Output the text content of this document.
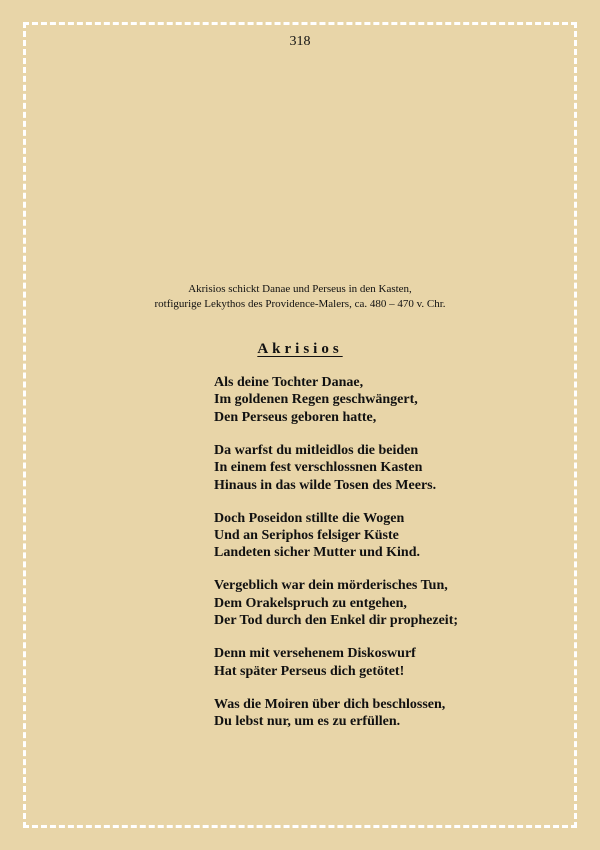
318
Akrisios schickt Danae und Perseus in den Kasten,
rotfigurige Lekythos des Providence-Malers, ca. 480 – 470 v. Chr.
Akrisios
Als deine Tochter Danae,
Im goldenen Regen geschwängert,
Den Perseus geboren hatte,
Da warfst du mitleidlos die beiden
In einem fest verschlossnen Kasten
Hinaus in das wilde Tosen des Meers.
Doch Poseidon stillte die Wogen
Und an Seriphos felsiger Küste
Landeten sicher Mutter und Kind.
Vergeblich war dein mörderisches Tun,
Dem Orakelspruch zu entgehen,
Der Tod durch den Enkel dir prophezeit;
Denn mit versehenem Diskoswurf
Hat später Perseus dich getötet!
Was die Moiren über dich beschlossen,
Du lebst nur, um es zu erfüllen.
